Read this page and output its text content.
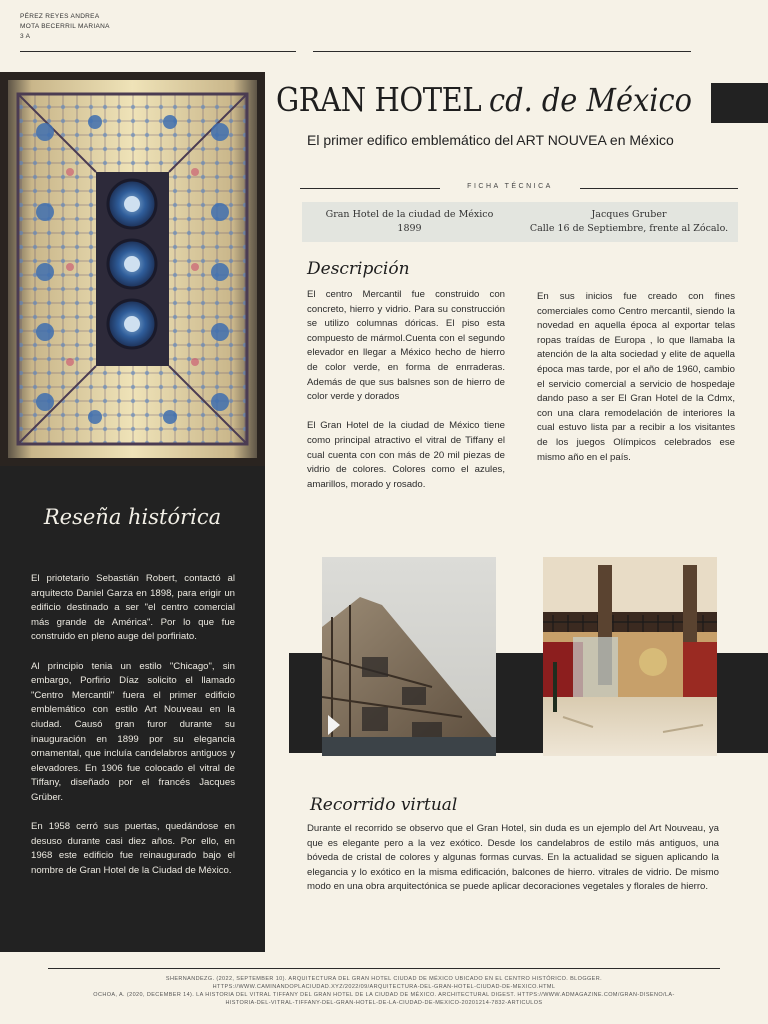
PÉREZ REYES ANDREA
MOTA BECERRIL MARIANA
3 A
GRAN HOTEL cd. de México
El primer edifico emblemático del ART NOUVEA en México
FICHA TÉCNICA
Gran Hotel de la ciudad de México
1899
Jacques Gruber
Calle 16 de Septiembre, frente al Zócalo.
Descripción

El centro Mercantil fue construido con concreto, hierro y vidrio. Para su construcción se utilizo columnas dóricas. El piso esta compuesto de mármol.Cuenta con el segundo elevador en llegar a México hecho de hierro de color verde, en forma de enrraderas. Además de que sus balsnes son de hierro de color verde y dorados

El Gran Hotel de la ciudad de México tiene como principal atractivo el vitral de Tiffany el cual cuenta con con más de 20 mil piezas de vidrio de colores. Colores como el azules, amarillos, morado y rosado.

En sus inicios fue creado con fines comerciales como Centro mercantil, siendo la novedad en aquella época al exportar telas ropas traídas de Europa , lo que llamaba la atención de la alta sociedad y elite de aquella época mas tarde, por el año de 1960, cambio el servicio comercial a servicio de hospedaje dando paso a ser El Gran Hotel de la Cdmx, con una clara remodelación de interiores la cual estuvo lista par a recibir a los visitantes de los juegos Olímpicos celebrados ese mismo año en el país.

Reseña histórica

El priotetario Sebastián Robert, contactó al arquitecto Daniel Garza en 1898, para erigir un edificio destinado a ser "el centro comercial más grande de América". Por lo que fue construido en pleno auge del porfiriato.

Al principio tenia un estilo "Chicago", sin embargo, Porfirio Díaz solicito el llamado "Centro Mercantil" fuera el primer edificio emblemático con estilo Art Nouveau en la ciudad. Causó gran furor durante su inauguración en 1899 por su elegancia ornamental, que incluía candelabros antiguos y elevadores. En 1906 fue colocado el vitral de Tiffany, diseñado por el francés Jacques Grüber.

En 1958 cerró sus puertas, quedándose en desuso durante casi diez años. Por ello, en 1968 este edificio fue reinaugurado bajo el nombre de Gran Hotel de la Ciudad de México.

Recorrido virtual

Durante el recorrido se observo que el Gran Hotel, sin duda es un ejemplo del Art Nouveau, ya que es elegante pero a la vez exótico. Desde los candelabros de estilo más antiguos, una bóveda de cristal de colores y algunas formas curvas. En la actualidad se siguen aplicando la elegancia y lo exótico en la misma edificación, balcones de hierro. vitrales de vidrio. De mismo modo en una obra arquitectónica se puede aplicar decoraciones vegetales y florales de hierro.

SHERNANDEZG. (2022, SEPTEMBER 10). ARQUITECTURA DEL GRAN HOTEL CIUDAD DE MÉXICO UBICADO EN EL CENTRO HISTÓRICO. BLOGGER.
HTTPS://WWW.CAMINANDOPLACIUDAD.XYZ/2022/09/ARQUITECTURA-DEL-GRAN-HOTEL-CIUDAD-DE-MEXICO.HTML
OCHOA, A. (2020, DECEMBER 14). LA HISTORIA DEL VITRAL TIFFANY DEL GRAN HOTEL DE LA CIUDAD DE MÉXICO. ARCHITECTURAL DIGEST. HTTPS://WWW.ADMAGAZINE.COM/GRAN-DISENO/LA-
HISTORIA-DEL-VITRAL-TIFFANY-DEL-GRAN-HOTEL-DE-LA-CIUDAD-DE-MEXICO-20201214-7832-ARTICULOS
